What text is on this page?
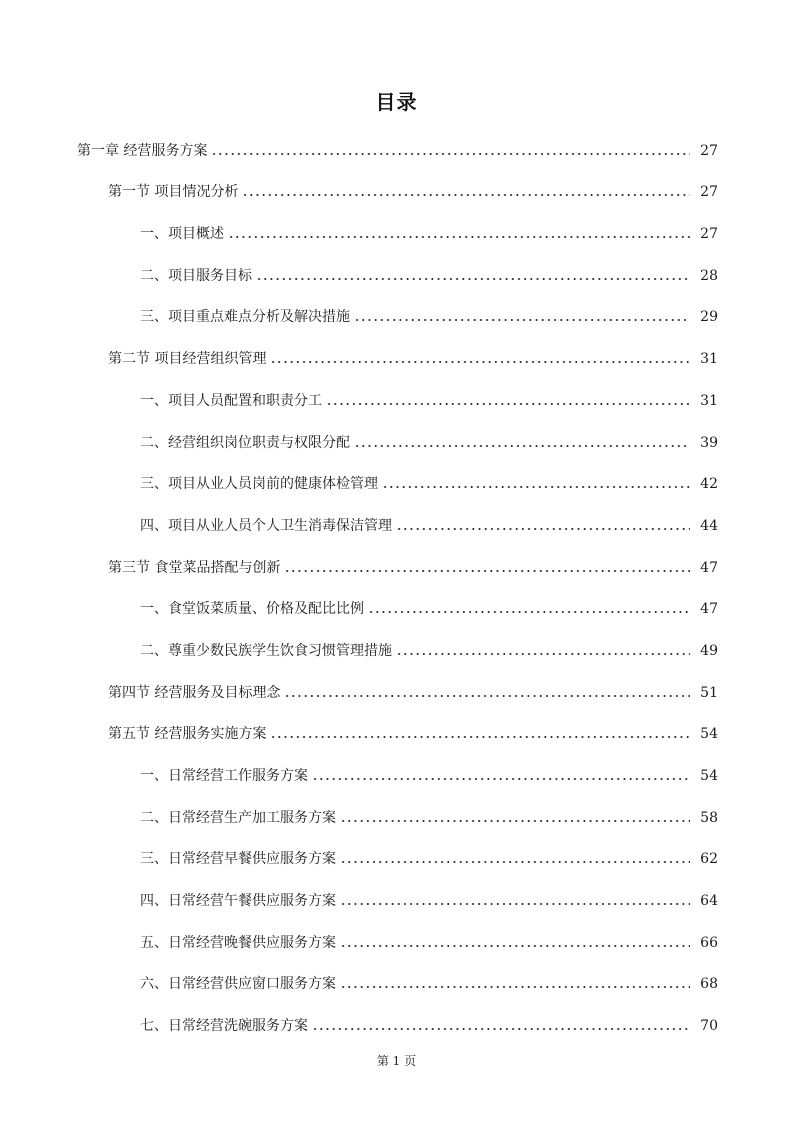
目录
第一章 经营服务方案	27
第一节 项目情况分析	27
一、项目概述	27
二、项目服务目标	28
三、项目重点难点分析及解决措施	29
第二节 项目经营组织管理	31
一、项目人员配置和职责分工	31
二、经营组织岗位职责与权限分配	39
三、项目从业人员岗前的健康体检管理	42
四、项目从业人员个人卫生消毒保洁管理	44
第三节 食堂菜品搭配与创新	47
一、食堂饭菜质量、价格及配比比例	47
二、尊重少数民族学生饮食习惯管理措施	49
第四节 经营服务及目标理念	51
第五节 经营服务实施方案	54
一、日常经营工作服务方案	54
二、日常经营生产加工服务方案	58
三、日常经营早餐供应服务方案	62
四、日常经营午餐供应服务方案	64
五、日常经营晚餐供应服务方案	66
六、日常经营供应窗口服务方案	68
七、日常经营洗碗服务方案	70
第 1 页
